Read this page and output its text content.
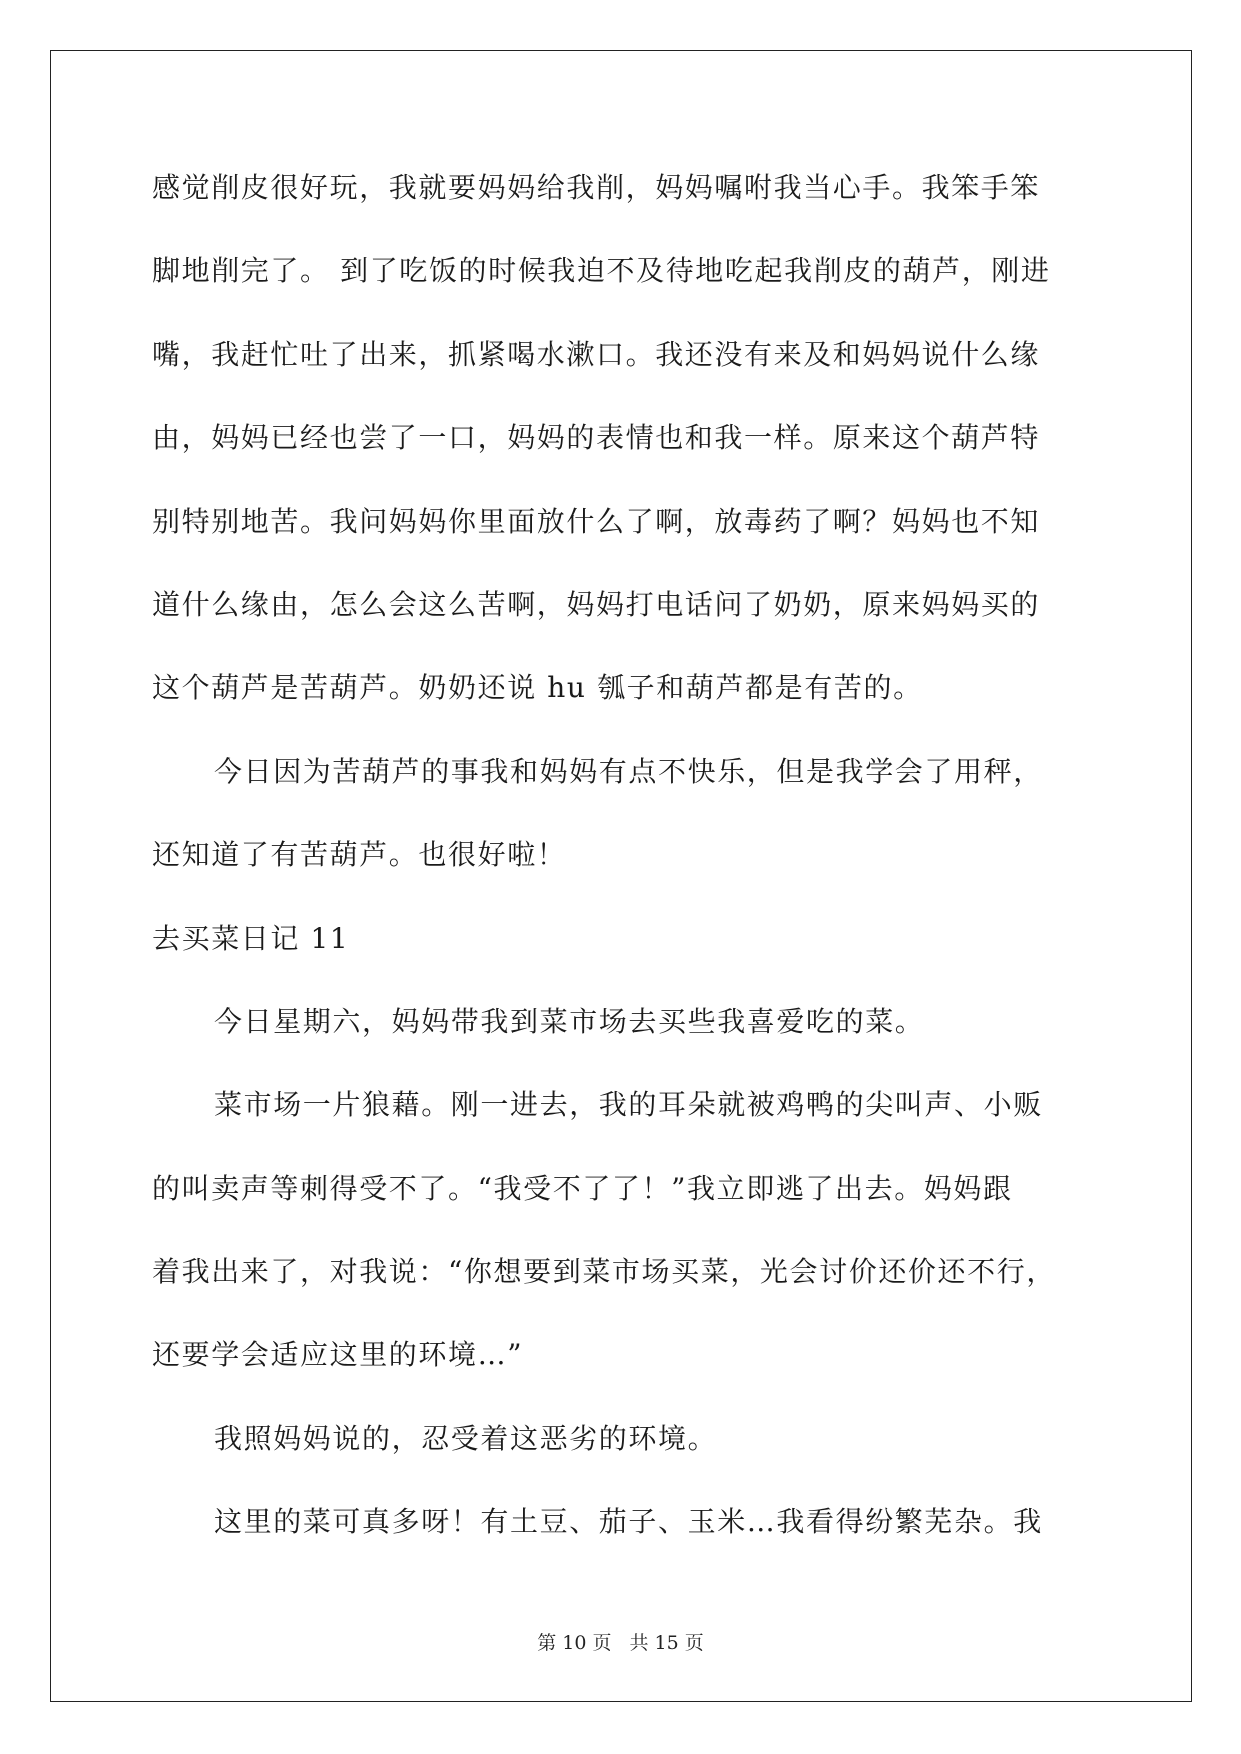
感觉削皮很好玩，我就要妈妈给我削，妈妈嘱咐我当心手。我笨手笨
脚地削完了。 到了吃饭的时候我迫不及待地吃起我削皮的葫芦，刚进
嘴，我赶忙吐了出来，抓紧喝水漱口。我还没有来及和妈妈说什么缘
由，妈妈已经也尝了一口，妈妈的表情也和我一样。原来这个葫芦特
别特别地苦。我问妈妈你里面放什么了啊，放毒药了啊？妈妈也不知
道什么缘由，怎么会这么苦啊，妈妈打电话问了奶奶，原来妈妈买的
这个葫芦是苦葫芦。奶奶还说 hu 瓠子和葫芦都是有苦的。
今日因为苦葫芦的事我和妈妈有点不快乐，但是我学会了用秤，
还知道了有苦葫芦。也很好啦！
去买菜日记 11
今日星期六，妈妈带我到菜市场去买些我喜爱吃的菜。
菜市场一片狼藉。刚一进去，我的耳朵就被鸡鸭的尖叫声、小贩
的叫卖声等刺得受不了。“我受不了了！”我立即逃了出去。妈妈跟
着我出来了，对我说：“你想要到菜市场买菜，光会讨价还价还不行，
还要学会适应这里的环境…”
我照妈妈说的，忍受着这恶劣的环境。
这里的菜可真多呀！有土豆、茄子、玉米…我看得纷繁芜杂。我
第 10 页 共 15 页
